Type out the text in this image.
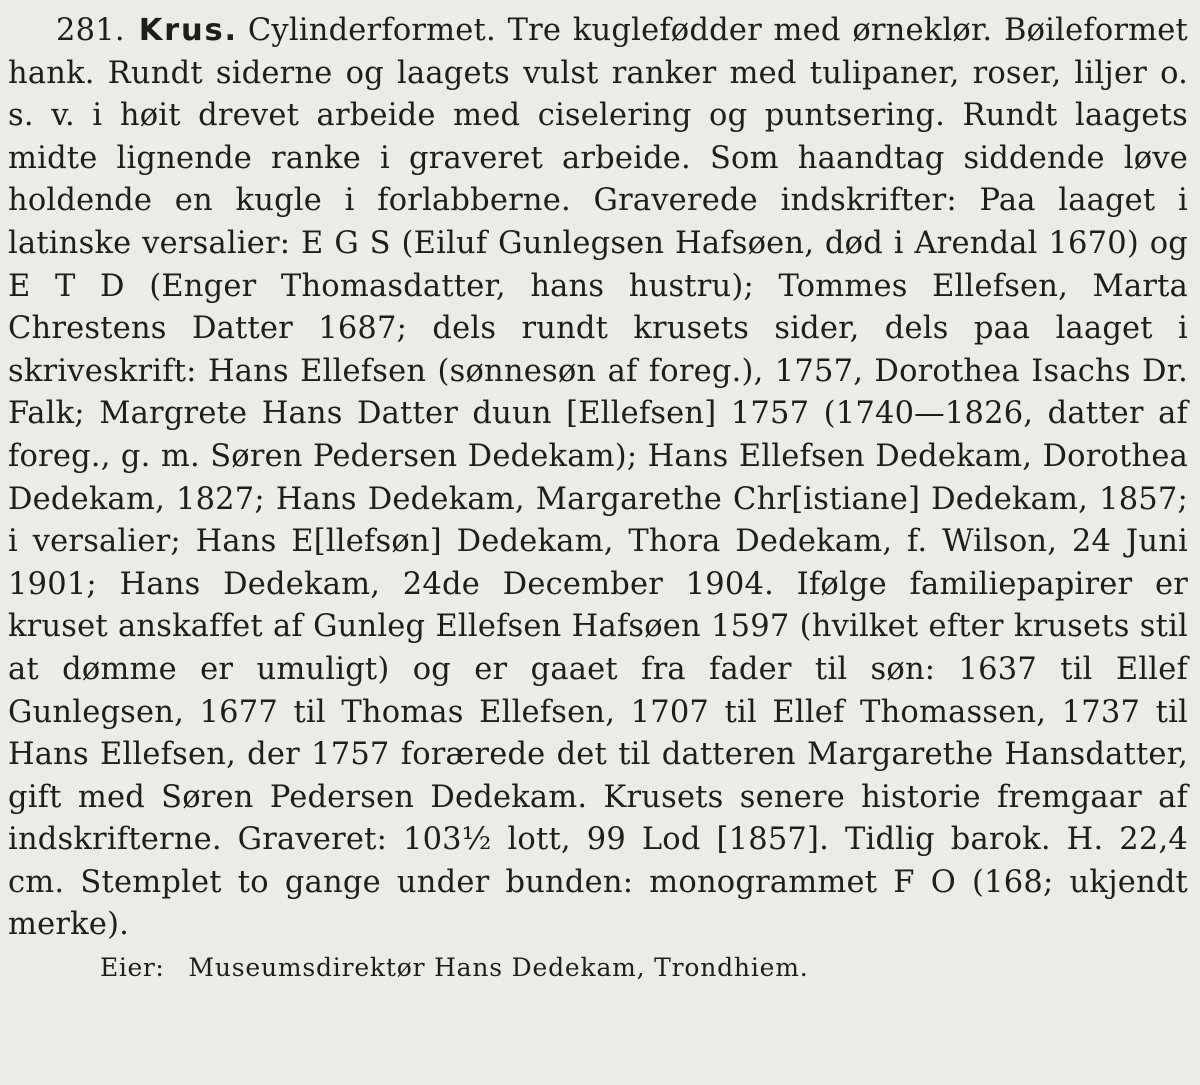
281. Krus. Cylinderformet. Tre kuglefødder med ørneklør. Bøileformet hank. Rundt siderne og laagets vulst ranker med tulipaner, roser, liljer o. s. v. i høit drevet arbeide med ciselering og puntsering. Rundt laagets midte lignende ranke i graveret arbeide. Som haandtag siddende løve holdende en kugle i forlabberne. Graverede indskrifter: Paa laaget i latinske versalier: E G S (Eiluf Gunlegsen Hafsøen, død i Arendal 1670) og E T D (Enger Thomasdatter, hans hustru); Tommes Ellefsen, Marta Chrestens Datter 1687; dels rundt krusets sider, dels paa laaget i skriveskrift: Hans Ellefsen (sønnesøn af foreg.), 1757, Dorothea Isachs Dr. Falk; Margrete Hans Datter duun [Ellefsen] 1757 (1740—1826, datter af foreg., g. m. Søren Pedersen Dedekam); Hans Ellefsen Dedekam, Dorothea Dedekam, 1827; Hans Dedekam, Margarethe Chr[istiane] Dedekam, 1857; i versalier; Hans E[llefsøn] Dedekam, Thora Dedekam, f. Wilson, 24 Juni 1901; Hans Dedekam, 24de December 1904. Ifølge familiepapirer er kruset anskaffet af Gunleg Ellefsen Hafsøen 1597 (hvilket efter krusets stil at dømme er umuligt) og er gaaet fra fader til søn: 1637 til Ellef Gunlegsen, 1677 til Thomas Ellefsen, 1707 til Ellef Thomassen, 1737 til Hans Ellefsen, der 1757 forærede det til datteren Margarethe Hansdatter, gift med Søren Pedersen Dedekam. Krusets senere historie fremgaar af indskrifterne. Graveret: 103½ lott, 99 Lod [1857]. Tidlig barok. H. 22,4 cm. Stemplet to gange under bunden: monogrammet F O (168; ukjendt merke).

Eier: Museumsdirektør Hans Dedekam, Trondhiem.
